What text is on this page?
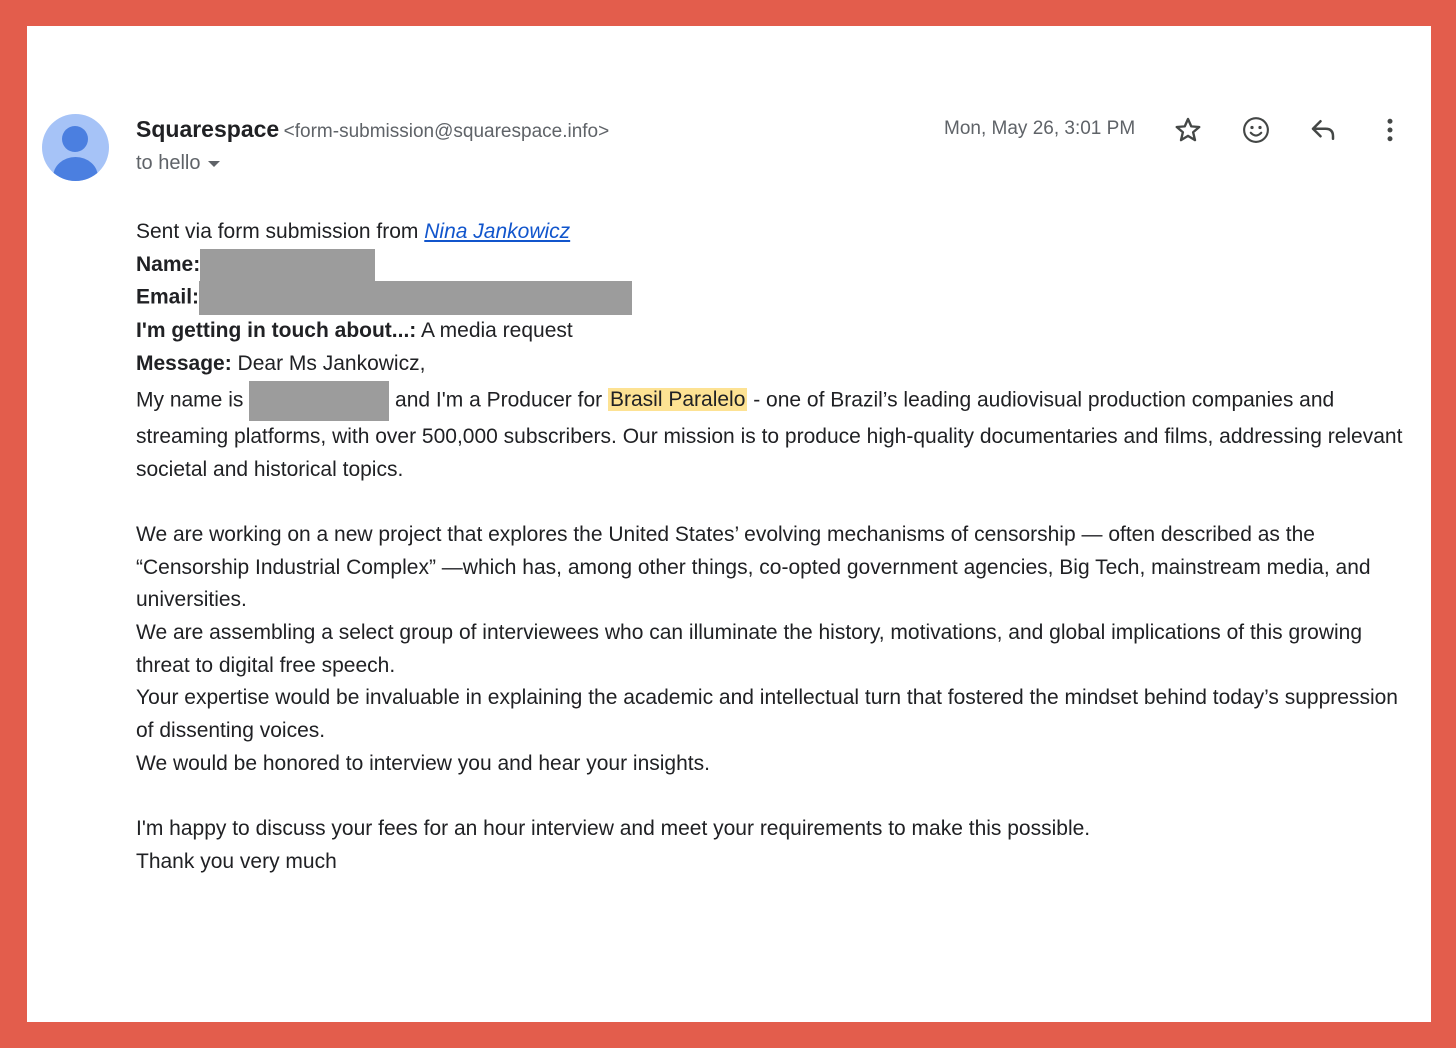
Squarespace <form-submission@squarespace.info>
to hello
Mon, May 26, 3:01 PM

Sent via form submission from Nina Jankowicz

Name:

Email:

I'm getting in touch about...: A media request

Message: Dear Ms Jankowicz,

My name is	and I'm a Producer for Brasil Paralelo - one of Brazil’s leading audiovisual production companies and streaming platforms, with over 500,000 subscribers. Our mission is to produce high-quality documentaries and films, addressing relevant societal and historical topics.

We are working on a new project that explores the United States’ evolving mechanisms of censorship — often described as the “Censorship Industrial Complex” —which has, among other things, co-opted government agencies, Big Tech, mainstream media, and universities.

We are assembling a select group of interviewees who can illuminate the history, motivations, and global implications of this growing threat to digital free speech.

Your expertise would be invaluable in explaining the academic and intellectual turn that fostered the mindset behind today’s suppression of dissenting voices.

We would be honored to interview you and hear your insights.

I'm happy to discuss your fees for an hour interview and meet your requirements to make this possible.

Thank you very much
